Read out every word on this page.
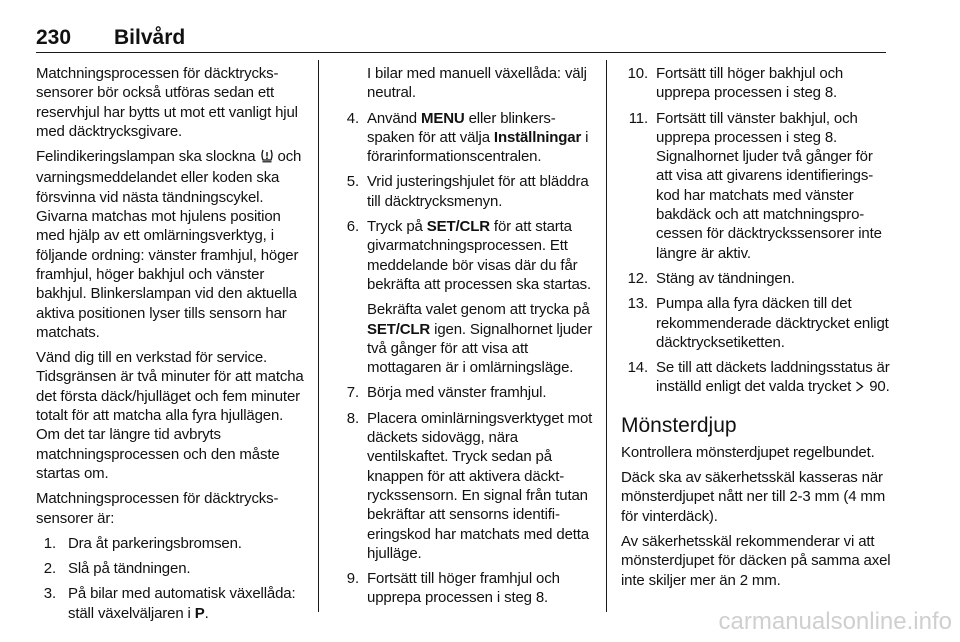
230 Bilvård

Matchningsprocessen för däcktryckssensorer bör också utföras sedan ett reservhjul har bytts ut mot ett vanligt hjul med däcktrycksgivare.

Felindikeringslampan ska slockna  och varningsmeddelandet eller koden ska försvinna vid nästa tändningscykel. Givarna matchas mot hjulens position med hjälp av ett omlärningsverktyg, i följande ordning: vänster framhjul, höger framhjul, höger bakhjul och vänster bakhjul. Blinkerslampan vid den aktuella aktiva positionen lyser tills sensorn har matchats.

Vänd dig till en verkstad för service. Tidsgränsen är två minuter för att matcha det första däck/hjulläget och fem minuter totalt för att matcha alla fyra hjullägen. Om det tar längre tid avbryts matchningsprocessen och den måste startas om.

Matchningsprocessen för däcktryckssensorer är:

1. Dra åt parkeringsbromsen.
2. Slå på tändningen.
3. På bilar med automatisk växellåda: ställ växelväljaren i P.
I bilar med manuell växellåda: välj neutral.
4. Använd MENU eller blinkersspaken för att välja Inställningar i förarinformationscentralen.
5. Vrid justeringshjulet för att bläddra till däcktrycksmenyn.
6. Tryck på SET/CLR för att starta givarmatchningsprocessen. Ett meddelande bör visas där du får bekräfta att processen ska startas.
Bekräfta valet genom att trycka på SET/CLR igen. Signalhornet ljuder två gånger för att visa att mottagaren är i omlärningsläge.
7. Börja med vänster framhjul.
8. Placera ominlärningsverktyget mot däckets sidovägg, nära ventilskaftet. Tryck sedan på knappen för att aktivera däcktryckssensorn. En signal från tutan bekräftar att sensorns identifieringskod har matchats med detta hjulläge.
9. Fortsätt till höger framhjul och upprepa processen i steg 8.
10. Fortsätt till höger bakhjul och upprepa processen i steg 8.
11. Fortsätt till vänster bakhjul, och upprepa processen i steg 8. Signalhornet ljuder två gånger för att visa att givarens identifieringskod har matchats med vänster bakdäck och att matchningsprocessen för däcktryckssensorer inte längre är aktiv.
12. Stäng av tändningen.
13. Pumpa alla fyra däcken till det rekommenderade däcktrycket enligt däcktrycksetiketten.
14. Se till att däckets laddningsstatus är inställd enligt det valda trycket  90.
Mönsterdjup

Kontrollera mönsterdjupet regelbundet.

Däck ska av säkerhetsskäl kasseras när mönsterdjupet nått ner till 2-3 mm (4 mm för vinterdäck).

Av säkerhetsskäl rekommenderar vi att mönsterdjupet för däcken på samma axel inte skiljer mer än 2 mm.

carmanualsonline.info
